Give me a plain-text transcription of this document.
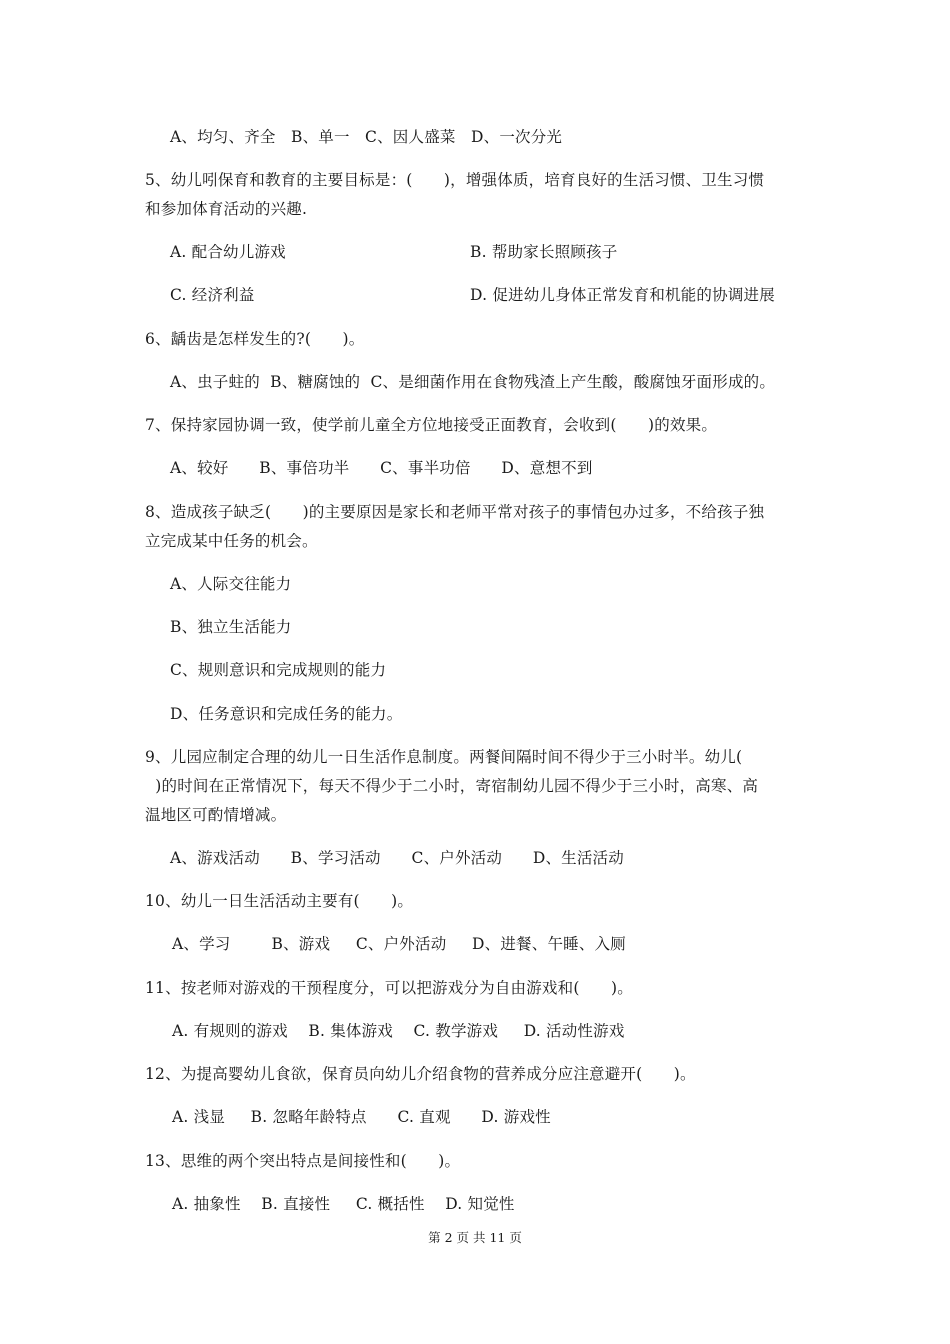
A、均匀、齐全   B、单一   C、因人盛菜   D、一次分光
5、幼儿吲保育和教育的主要目标是：(　　)，增强体质，培育良好的生活习惯、卫生习惯
和参加体育活动的兴趣.
A. 配合幼儿游戏	B. 帮助家长照顾孩子
C. 经济利益	D. 促进幼儿身体正常发育和机能的协调进展
6、龋齿是怎样发生的?(　　)。
A、虫子蛀的  B、糖腐蚀的  C、是细菌作用在食物残渣上产生酸，酸腐蚀牙面形成的。
7、保持家园协调一致，使学前儿童全方位地接受正面教育，会收到(　　)的效果。
A、较好      B、事倍功半      C、事半功倍      D、意想不到
8、造成孩子缺乏(　　)的主要原因是家长和老师平常对孩子的事情包办过多，不给孩子独
立完成某中任务的机会。
A、人际交往能力
B、独立生活能力
C、规则意识和完成规则的能力
D、任务意识和完成任务的能力。
9、儿园应制定合理的幼儿一日生活作息制度。两餐间隔时间不得少于三小时半。幼儿(
)的时间在正常情况下，每天不得少于二小时，寄宿制幼儿园不得少于三小时，高寒、高
温地区可酌情增减。
A、游戏活动      B、学习活动      C、户外活动      D、生活活动
10、幼儿一日生活活动主要有(　　)。
A、学习        B、游戏     C、户外活动     D、进餐、午睡、入厕
11、按老师对游戏的干预程度分，可以把游戏分为自由游戏和(　　)。
A. 有规则的游戏    B. 集体游戏    C. 教学游戏     D. 活动性游戏
12、为提高婴幼儿食欲，保育员向幼儿介绍食物的营养成分应注意避开(　　)。
A. 浅显     B. 忽略年龄特点      C. 直观      D. 游戏性
13、思维的两个突出特点是间接性和(　　)。
A. 抽象性    B. 直接性     C. 概括性    D. 知觉性
第 2 页 共 11 页
